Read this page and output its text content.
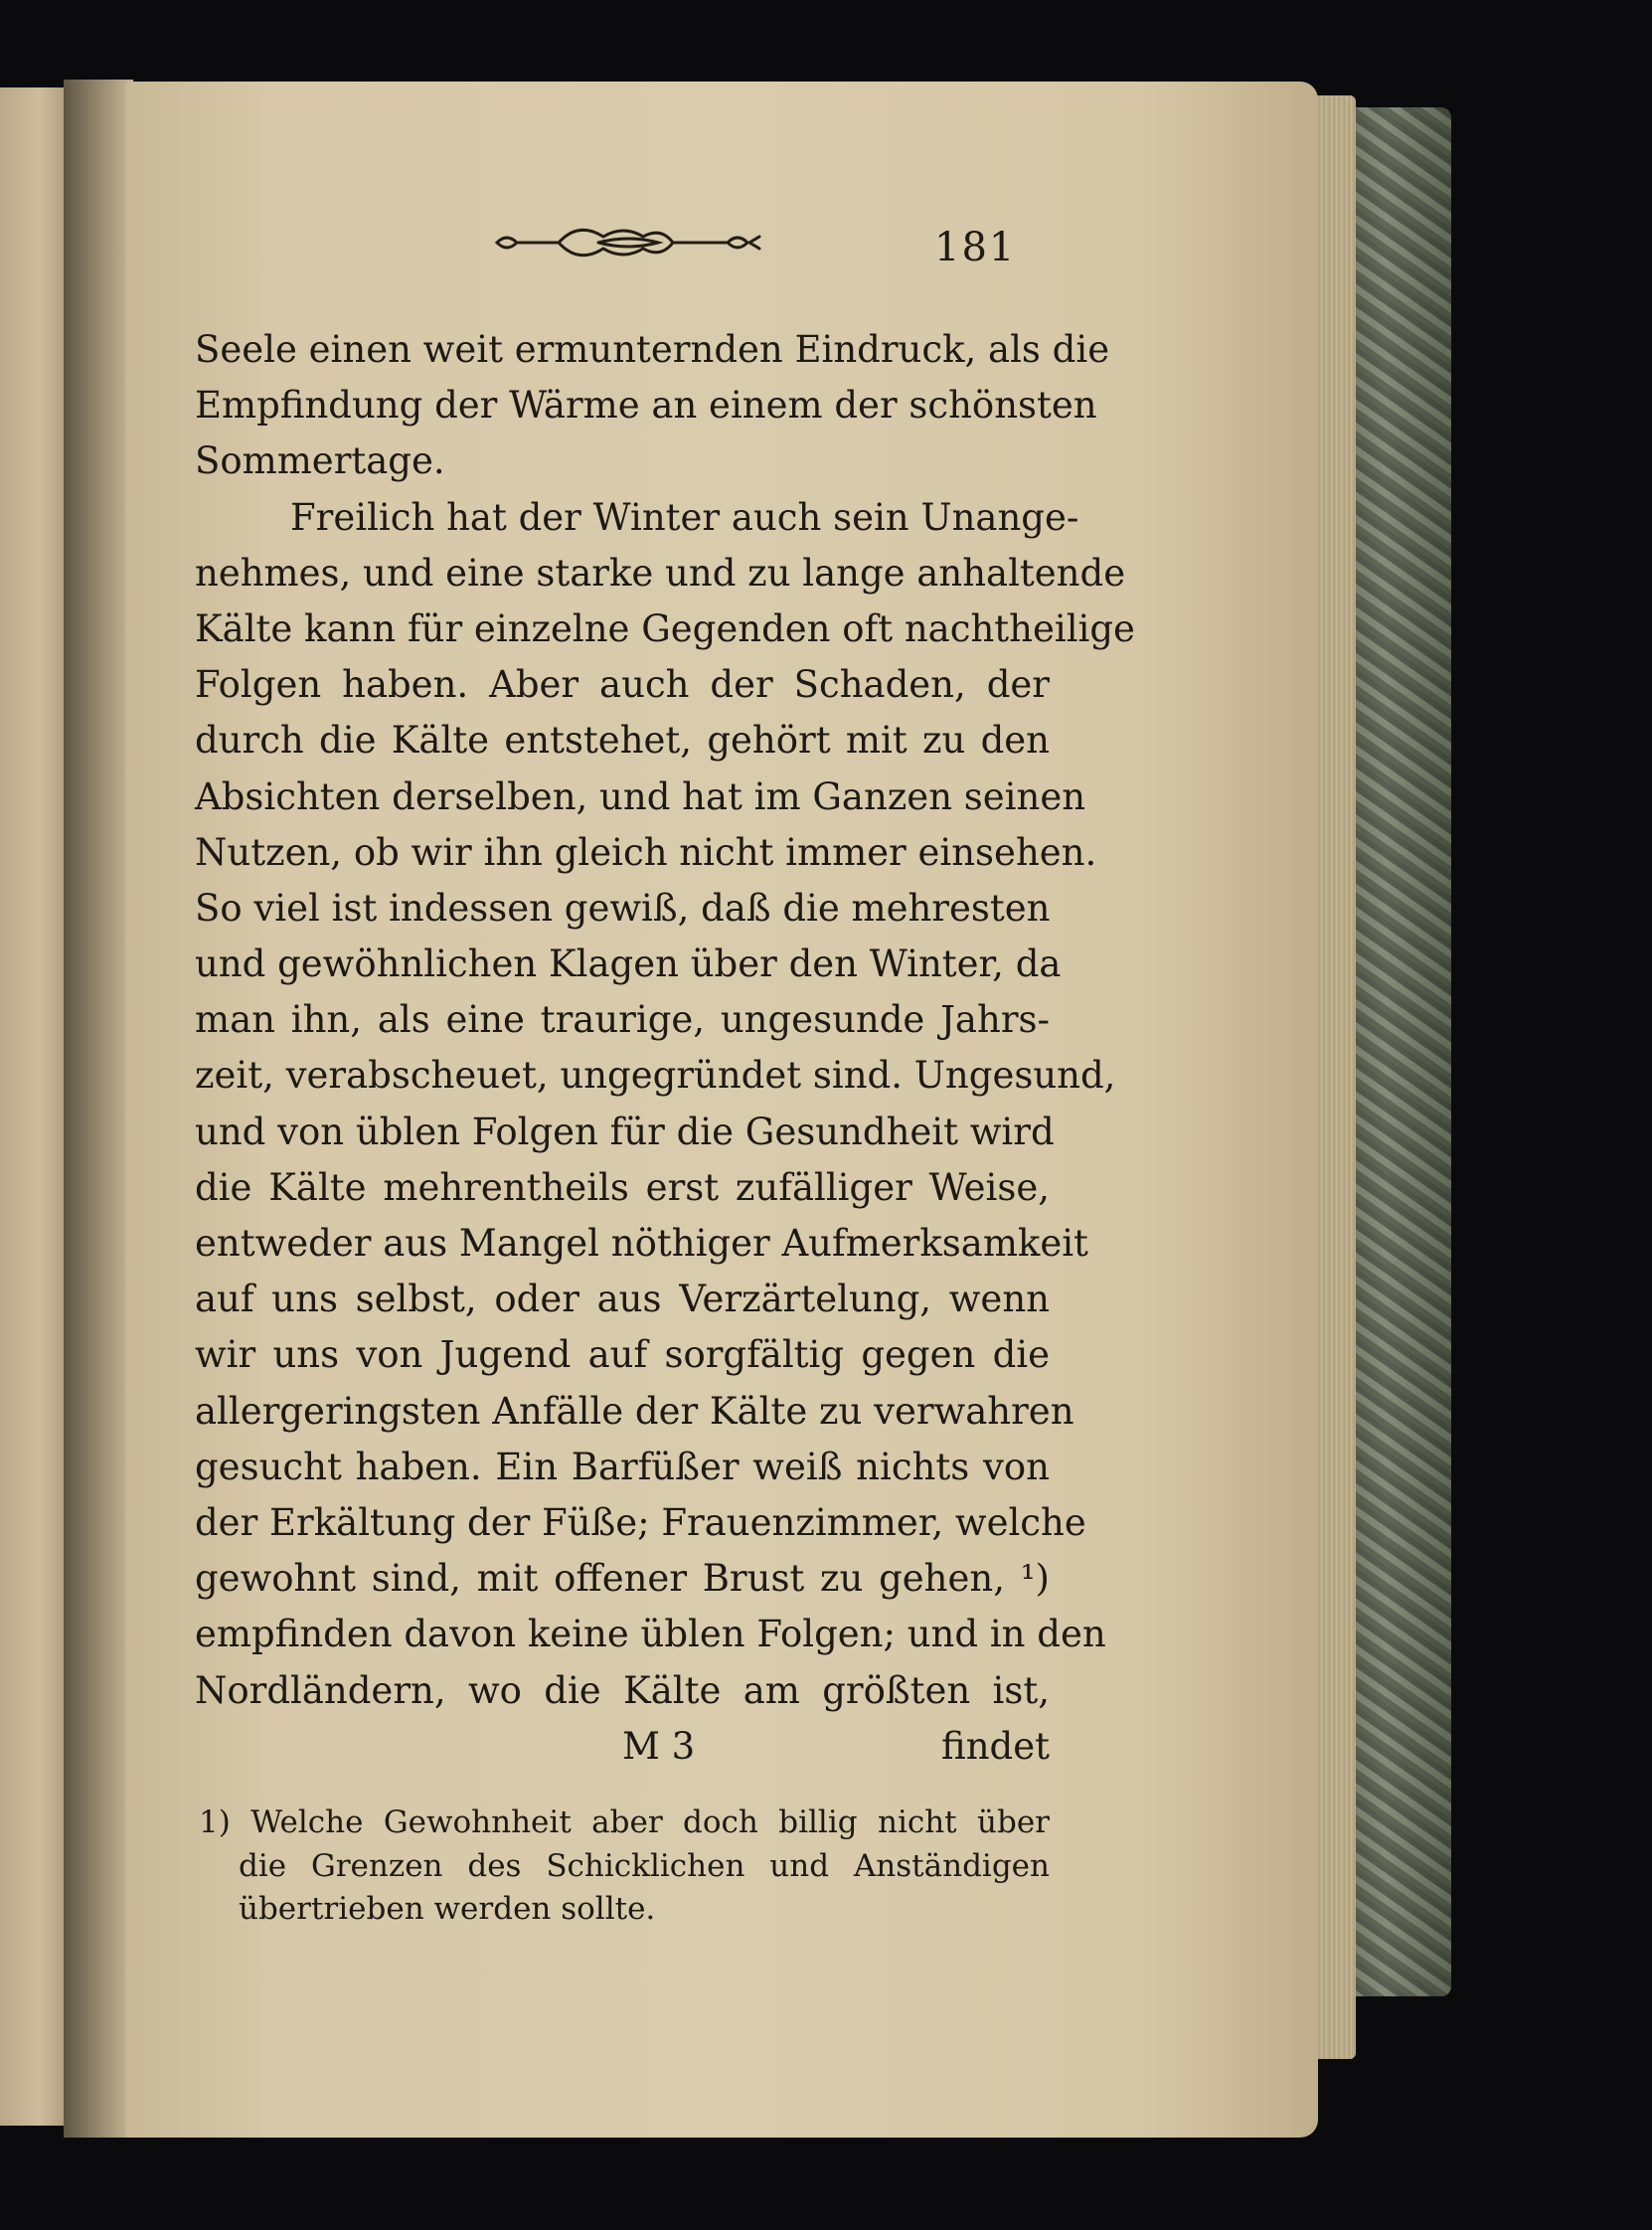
181
Seele einen weit ermunternden Eindruck, als die
Empfindung der Wärme an einem der schönsten
Sommertage.
Freilich hat der Winter auch sein Unange-
nehmes, und eine starke und zu lange anhaltende
Kälte kann für einzelne Gegenden oft nachtheilige
Folgen haben. Aber auch der Schaden, der
durch die Kälte entstehet, gehört mit zu den
Absichten derselben, und hat im Ganzen seinen
Nutzen, ob wir ihn gleich nicht immer einsehen.
So viel ist indessen gewiß, daß die mehresten
und gewöhnlichen Klagen über den Winter, da
man ihn, als eine traurige, ungesunde Jahrs-
zeit, verabscheuet, ungegründet sind. Ungesund,
und von üblen Folgen für die Gesundheit wird
die Kälte mehrentheils erst zufälliger Weise,
entweder aus Mangel nöthiger Aufmerksamkeit
auf uns selbst, oder aus Verzärtelung, wenn
wir uns von Jugend auf sorgfältig gegen die
allergeringsten Anfälle der Kälte zu verwahren
gesucht haben. Ein Barfüßer weiß nichts von
der Erkältung der Füße; Frauenzimmer, welche
gewohnt sind, mit offener Brust zu gehen, ¹)
empfinden davon keine üblen Folgen; und in den
Nordländern, wo die Kälte am größten ist,
M 3	findet
1) Welche Gewohnheit aber doch billig nicht über
die Grenzen des Schicklichen und Anständigen
übertrieben werden sollte.
